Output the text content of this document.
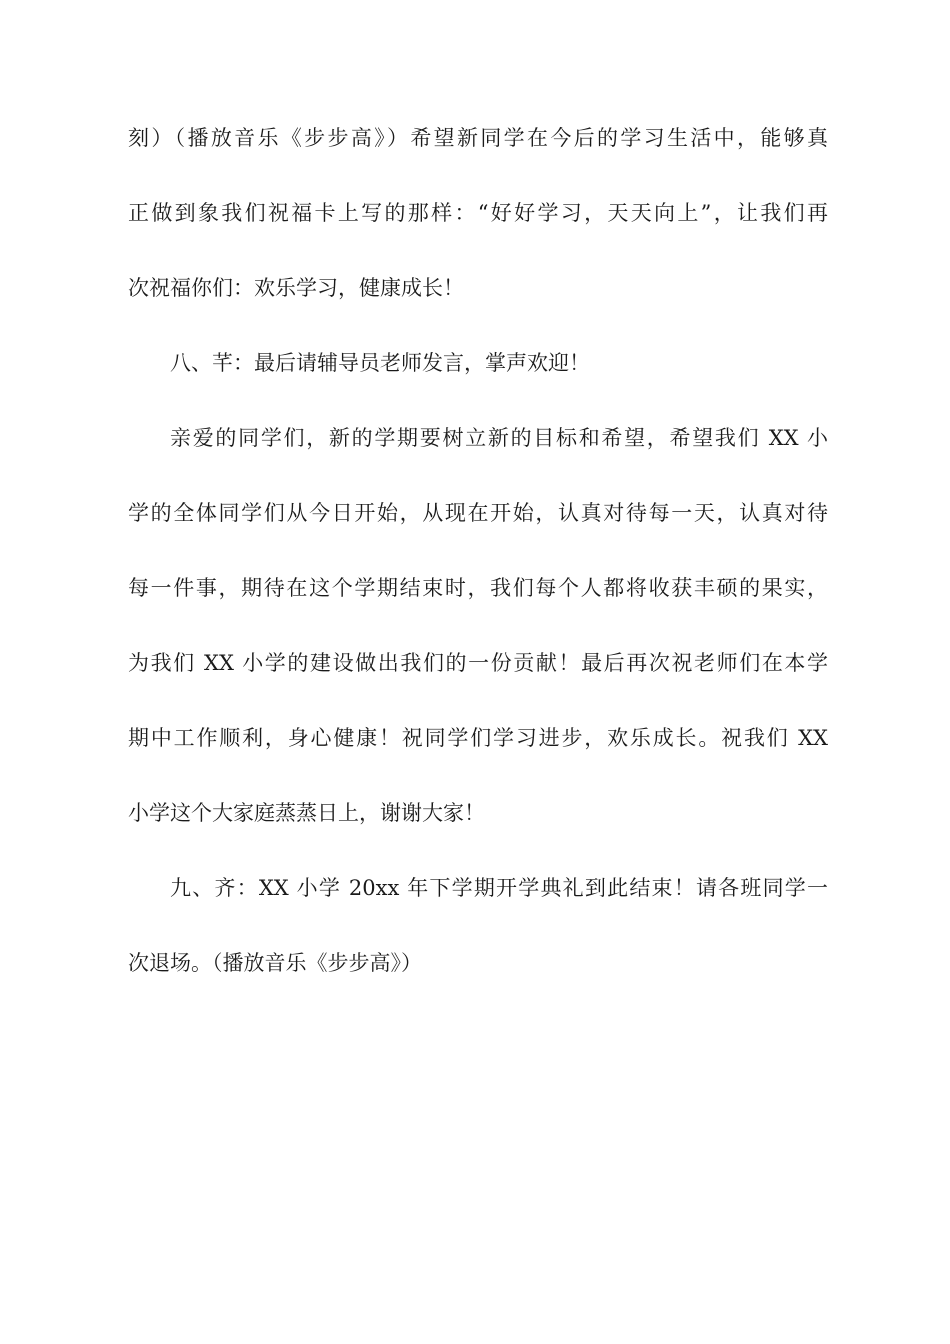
刻）（播放音乐《步步高》）希望新同学在今后的学习生活中，能够真
正做到象我们祝福卡上写的那样：“好好学习，天天向上”，让我们再
次祝福你们：欢乐学习，健康成长！
八、芊：最后请辅导员老师发言，掌声欢迎！
亲爱的同学们，新的学期要树立新的目标和希望，希望我们 XX 小
学的全体同学们从今日开始，从现在开始，认真对待每一天，认真对待
每一件事，期待在这个学期结束时，我们每个人都将收获丰硕的果实，
为我们 XX 小学的建设做出我们的一份贡献！最后再次祝老师们在本学
期中工作顺利，身心健康！祝同学们学习进步，欢乐成长。祝我们 XX
小学这个大家庭蒸蒸日上，谢谢大家！
九、齐：XX 小学 20xx 年下学期开学典礼到此结束！请各班同学一
次退场。（播放音乐《步步高》）
